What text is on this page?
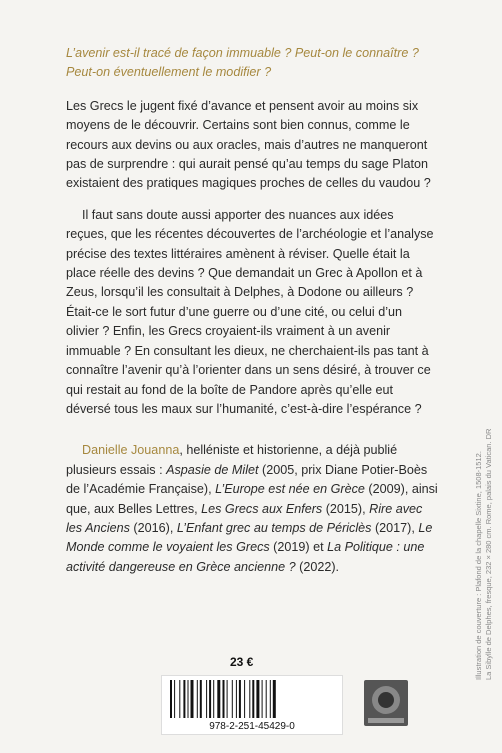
L’avenir est-il tracé de façon immuable ? Peut-on le connaître ? Peut-on éventuellement le modifier ?

Les Grecs le jugent fixé d’avance et pensent avoir au moins six moyens de le découvrir. Certains sont bien connus, comme le recours aux devins ou aux oracles, mais d’autres ne manqueront pas de surprendre : qui aurait pensé qu’au temps du sage Platon existaient des pratiques magiques proches de celles du vaudou ?

Il faut sans doute aussi apporter des nuances aux idées reçues, que les récentes découvertes de l’archéologie et l’analyse précise des textes littéraires amènent à réviser. Quelle était la place réelle des devins ? Que demandait un Grec à Apollon et à Zeus, lorsqu’il les consultait à Delphes, à Dodone ou ailleurs ? Était-ce le sort futur d’une guerre ou d’une cité, ou celui d’un olivier ? Enfin, les Grecs croyaient-ils vraiment à un avenir immuable ? En consultant les dieux, ne cherchaient-ils pas tant à connaître l’avenir qu’à l’orienter dans un sens désiré, à trouver ce qui restait au fond de la boîte de Pandore après qu’elle eut déversé tous les maux sur l’humanité, c’est-à-dire l’espérance ?

Danielle Jouanna, helléniste et historienne, a déjà publié plusieurs essais : Aspasie de Milet (2005, prix Diane Potier-Boès de l’Académie Française), L’Europe est née en Grèce (2009), ainsi que, aux Belles Lettres, Les Grecs aux Enfers (2015), Rire avec les Anciens (2016), L’Enfant grec au temps de Périclès (2017), Le Monde comme le voyaient les Grecs (2019) et La Politique : une activité dangereuse en Grèce ancienne ? (2022).

23 €
978-2-251-45429-0
Illustration de couverture : Plafond de la chapelle Sixtine, 1508-1512. La Sibylle de Delphes, fresque, 232 × 280 cm. Rome, palais du Vatican. DR
